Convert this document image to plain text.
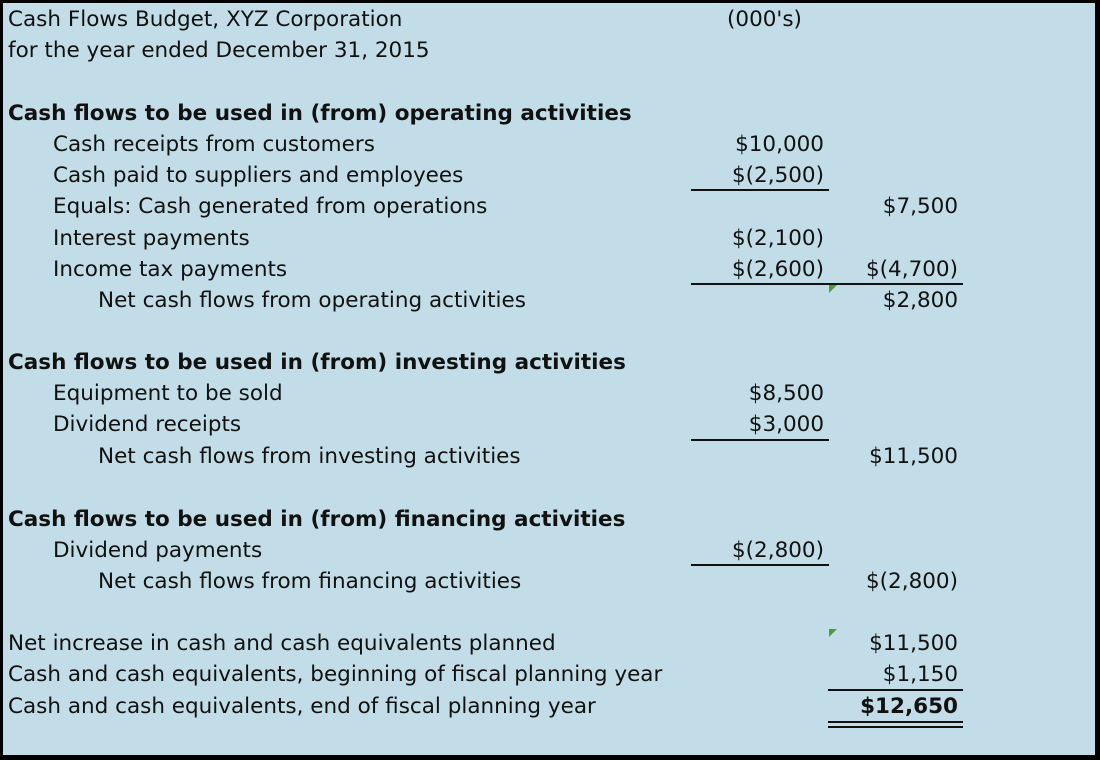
Cash Flows Budget, XYZ Corporation
for the year ended December 31, 2015
(000's)
Cash flows to be used in (from) operating activities
Cash receipts from customers	$10,000
Cash paid to suppliers and employees	$(2,500)
Equals: Cash generated from operations	$7,500
Interest payments	$(2,100)
Income tax payments	$(2,600) $(4,700)
Net cash flows from operating activities	$2,800
Cash flows to be used in (from) investing activities
Equipment to be sold	$8,500
Dividend receipts	$3,000
Net cash flows from investing activities	$11,500
Cash flows to be used in (from) financing activities
Dividend payments	$(2,800)
Net cash flows from financing activities	$(2,800)
Net increase in cash and cash equivalents planned	$11,500
Cash and cash equivalents, beginning of fiscal planning year	$1,150
Cash and cash equivalents, end of fiscal planning year	$12,650
